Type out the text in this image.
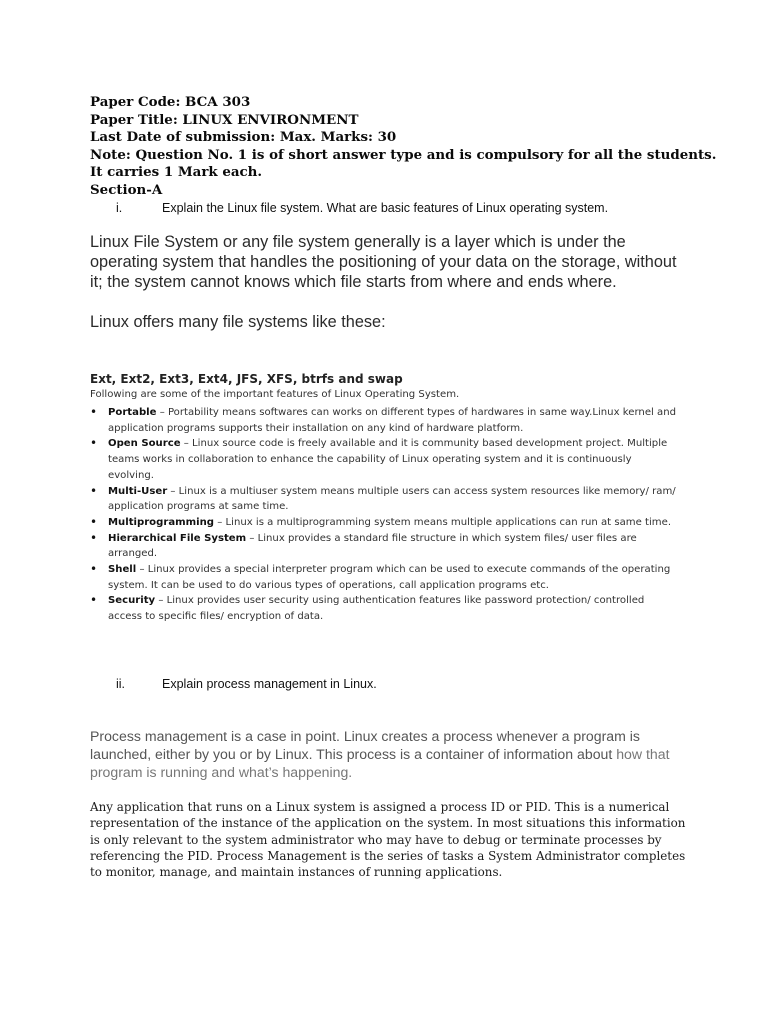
Paper Code: BCA 303
Paper Title: LINUX ENVIRONMENT
Last Date of submission: Max. Marks: 30
Note: Question No. 1 is of short answer type and is compulsory for all the students.
It carries 1 Mark each.
Section-A
i.	Explain the Linux file system. What are basic features of Linux operating system.
Linux File System or any file system generally is a layer which is under the operating system that handles the positioning of your data on the storage, without it; the system cannot knows which file starts from where and ends where.
Linux offers many file systems like these:
Ext, Ext2, Ext3, Ext4, JFS, XFS, btrfs and swap
Following are some of the important features of Linux Operating System.
• Portable – Portability means softwares can works on different types of hardwares in same way.Linux kernel and application programs supports their installation on any kind of hardware platform.
• Open Source – Linux source code is freely available and it is community based development project. Multiple teams works in collaboration to enhance the capability of Linux operating system and it is continuously evolving.
• Multi-User – Linux is a multiuser system means multiple users can access system resources like memory/ ram/ application programs at same time.
• Multiprogramming – Linux is a multiprogramming system means multiple applications can run at same time.
• Hierarchical File System – Linux provides a standard file structure in which system files/ user files are arranged.
• Shell – Linux provides a special interpreter program which can be used to execute commands of the operating system. It can be used to do various types of operations, call application programs etc.
• Security – Linux provides user security using authentication features like password protection/ controlled access to specific files/ encryption of data.
ii.	Explain process management in Linux.
Process management is a case in point. Linux creates a process whenever a program is launched, either by you or by Linux. This process is a container of information about how that program is running and what’s happening.
Any application that runs on a Linux system is assigned a process ID or PID. This is a numerical representation of the instance of the application on the system. In most situations this information is only relevant to the system administrator who may have to debug or terminate processes by referencing the PID. Process Management is the series of tasks a System Administrator completes to monitor, manage, and maintain instances of running applications.
